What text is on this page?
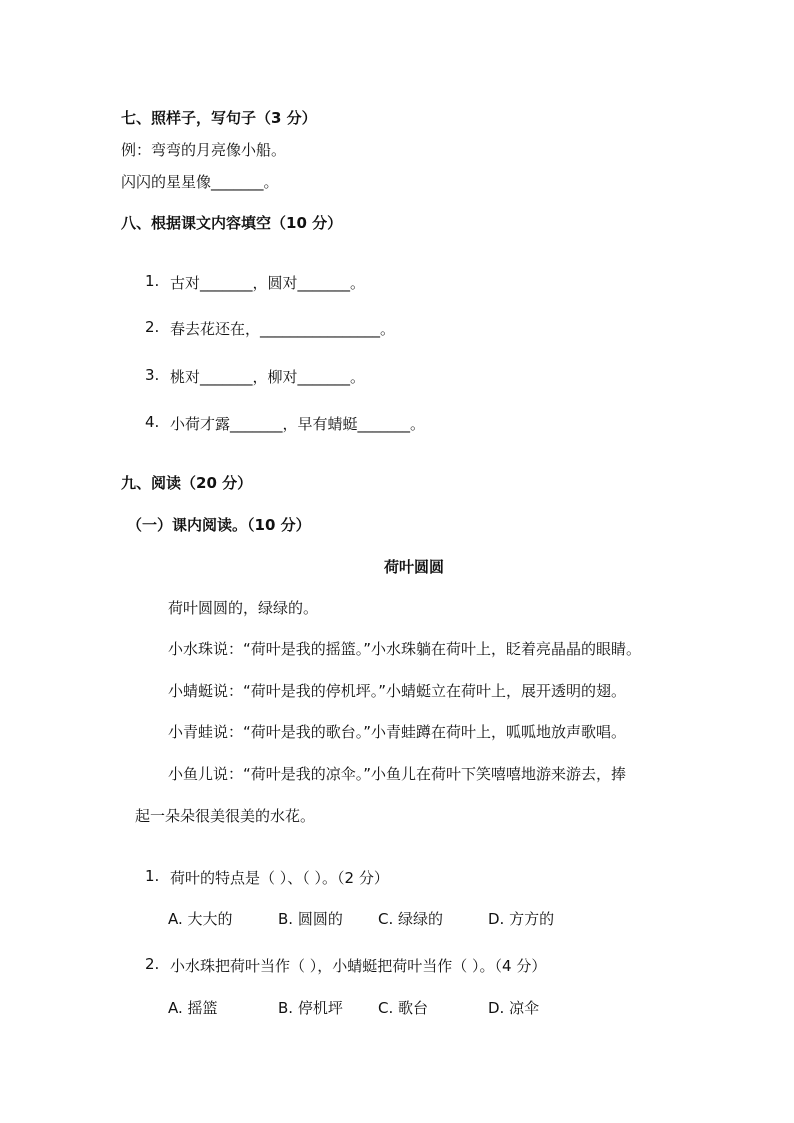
七、照样子，写句子（3 分）
例：弯弯的月亮像小船。
闪闪的星星像_______。
八、根据课文内容填空（10 分）
1. 古对_______，圆对_______。
2. 春去花还在，________________。
3. 桃对_______，柳对_______。
4. 小荷才露_______，早有蜻蜓_______。
九、阅读（20 分）
（一）课内阅读。（10 分）
荷叶圆圆
荷叶圆圆的，绿绿的。
小水珠说：“荷叶是我的摇篮。”小水珠躺在荷叶上，眨着亮晶晶的眼睛。
小蜻蜓说：“荷叶是我的停机坪。”小蜻蜓立在荷叶上，展开透明的翅。
小青蛙说：“荷叶是我的歌台。”小青蛙蹲在荷叶上，呱呱地放声歌唱。
小鱼儿说：“荷叶是我的凉伞。”小鱼儿在荷叶下笑嘻嘻地游来游去，捧
起一朵朵很美很美的水花。
1. 荷叶的特点是（ ）、（ ）。（2 分）
A. 大大的	B. 圆圆的 C. 绿绿的	D. 方方的
2. 小水珠把荷叶当作（ ），小蜻蜓把荷叶当作（ ）。（4 分）
A. 摇篮	B. 停机坪 C. 歌台	D. 凉伞
